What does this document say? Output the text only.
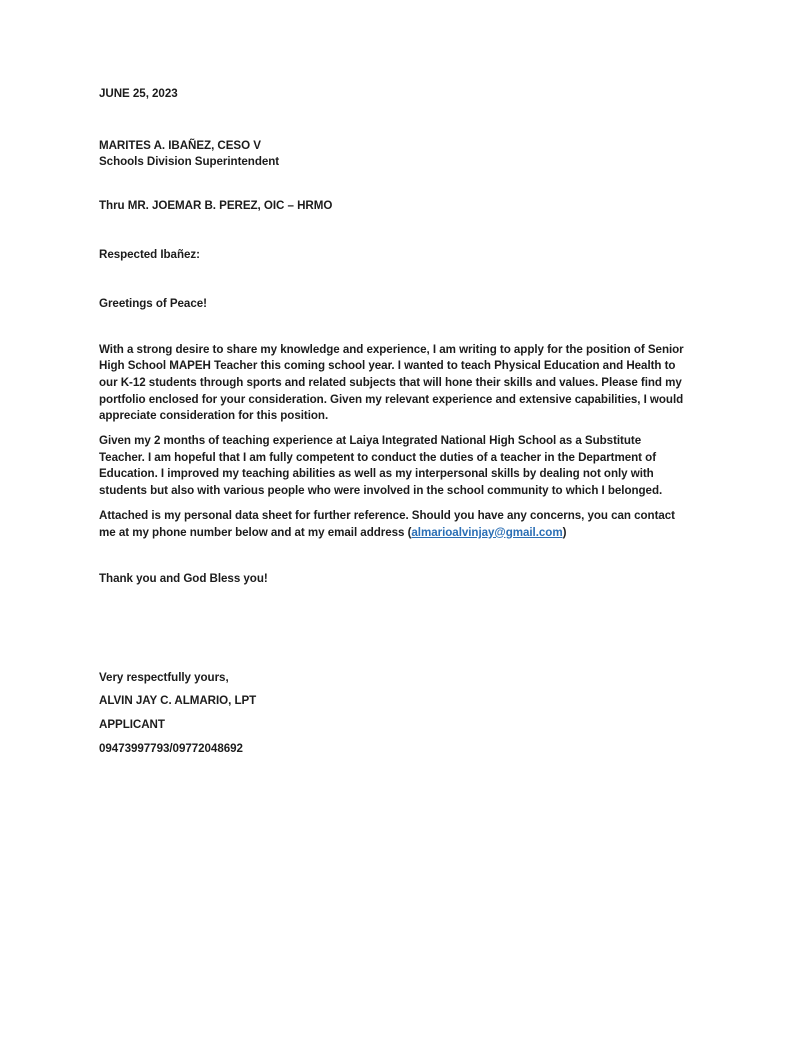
JUNE 25, 2023
MARITES A. IBAÑEZ, CESO V
Schools Division Superintendent
Thru MR. JOEMAR B. PEREZ, OIC – HRMO
Respected Ibañez:
Greetings of Peace!

With a strong desire to share my knowledge and experience, I am writing to apply for the position of Senior High School MAPEH Teacher this coming school year. I wanted to teach Physical Education and Health to our K-12 students through sports and related subjects that will hone their skills and values. Please find my portfolio enclosed for your consideration. Given my relevant experience and extensive capabilities, I would appreciate consideration for this position.

Given my 2 months of teaching experience at Laiya Integrated National High School as a Substitute Teacher. I am hopeful that I am fully competent to conduct the duties of a teacher in the Department of Education. I improved my teaching abilities as well as my interpersonal skills by dealing not only with students but also with various people who were involved in the school community to which I belonged.

Attached is my personal data sheet for further reference. Should you have any concerns, you can contact me at my phone number below and at my email address (almarioalvinjay@gmail.com)

Thank you and God Bless you!
Very respectfully yours,
ALVIN JAY C. ALMARIO, LPT
APPLICANT
09473997793/09772048692
